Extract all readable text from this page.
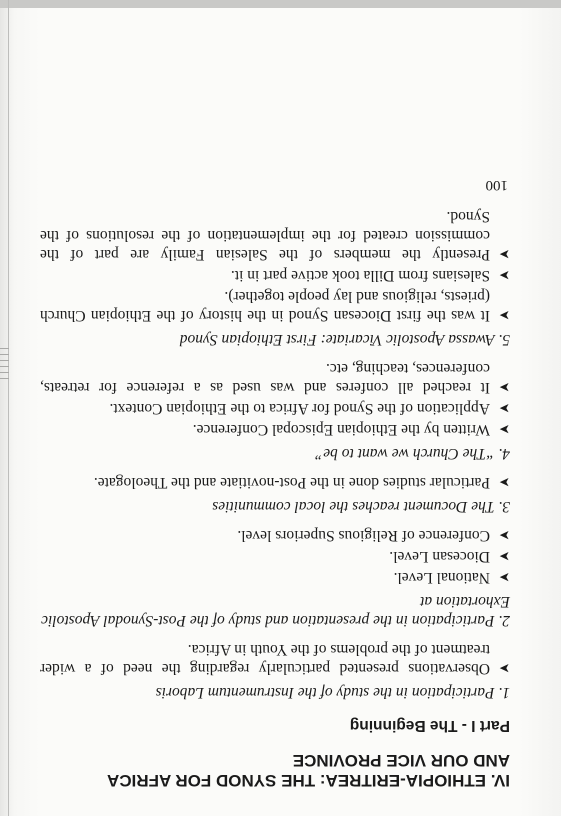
IV. ETHIOPIA-ERITREA: THE SYNOD FOR AFRICA
AND OUR VICE PROVINCE
Part I - The Beginning
1. Participation in the study of the Instrumentum Laboris
➤
Observations presented particularly regarding the need of a wider treatment of the problems of the Youth in Africa.
2. Participation in the presentation and study of the Post-Synodal Apostolic Exhortation at
➤
National Level.
➤
Diocesan Level.
➤
Conference of Religious Superiors level.
3. The Document reaches the local communities
➤
Particular studies done in the Post-novitiate and the Theologate.
4. “The Church we want to be”
➤
Written by the Ethiopian Episcopal Conference.
➤
Application of the Synod for Africa to the Ethiopian Context.
➤
It reached all conferes and was used as a reference for retreats, conferences, teaching, etc.
5. Awassa Apostolic Vicariate: First Ethiopian Synod
➤
It was the first Diocesan Synod in the history of the Ethiopian Church (priests, religious and lay people together).
➤
Salesians from Dilla took active part in it.
➤
Presently the members of the Salesian Family are part of the commission created for the implementation of the resolutions of the Synod.
100
